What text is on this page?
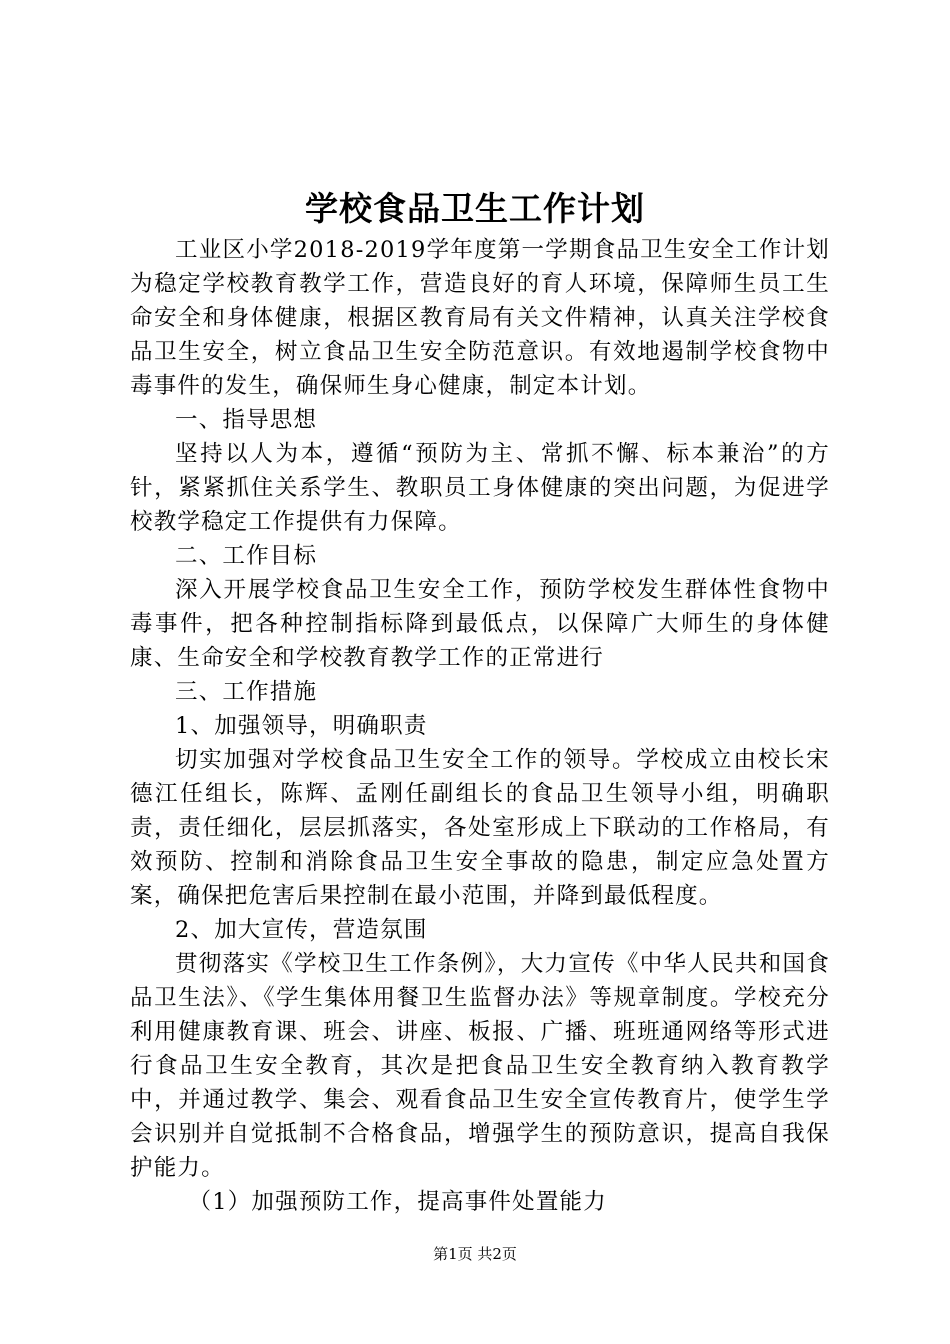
学校食品卫生工作计划

工业区小学2018-2019学年度第一学期食品卫生安全工作计划为稳定学校教育教学工作，营造良好的育人环境，保障师生员工生命安全和身体健康，根据区教育局有关文件精神，认真关注学校食品卫生安全，树立食品卫生安全防范意识。有效地遏制学校食物中毒事件的发生，确保师生身心健康，制定本计划。

一、指导思想

坚持以人为本，遵循“预防为主、常抓不懈、标本兼治”的方针，紧紧抓住关系学生、教职员工身体健康的突出问题，为促进学校教学稳定工作提供有力保障。

二、工作目标

深入开展学校食品卫生安全工作，预防学校发生群体性食物中毒事件，把各种控制指标降到最低点，以保障广大师生的身体健康、生命安全和学校教育教学工作的正常进行

三、工作措施

1、加强领导，明确职责

切实加强对学校食品卫生安全工作的领导。学校成立由校长宋德江任组长，陈辉、孟刚任副组长的食品卫生领导小组，明确职责，责任细化，层层抓落实，各处室形成上下联动的工作格局，有效预防、控制和消除食品卫生安全事故的隐患，制定应急处置方案，确保把危害后果控制在最小范围，并降到最低程度。

2、加大宣传，营造氛围

贯彻落实《学校卫生工作条例》，大力宣传《中华人民共和国食品卫生法》、《学生集体用餐卫生监督办法》等规章制度。学校充分利用健康教育课、班会、讲座、板报、广播、班班通网络等形式进行食品卫生安全教育，其次是把食品卫生安全教育纳入教育教学中，并通过教学、集会、观看食品卫生安全宣传教育片，使学生学会识别并自觉抵制不合格食品，增强学生的预防意识，提高自我保护能力。

（1）加强预防工作，提高事件处置能力

第1页 共2页
